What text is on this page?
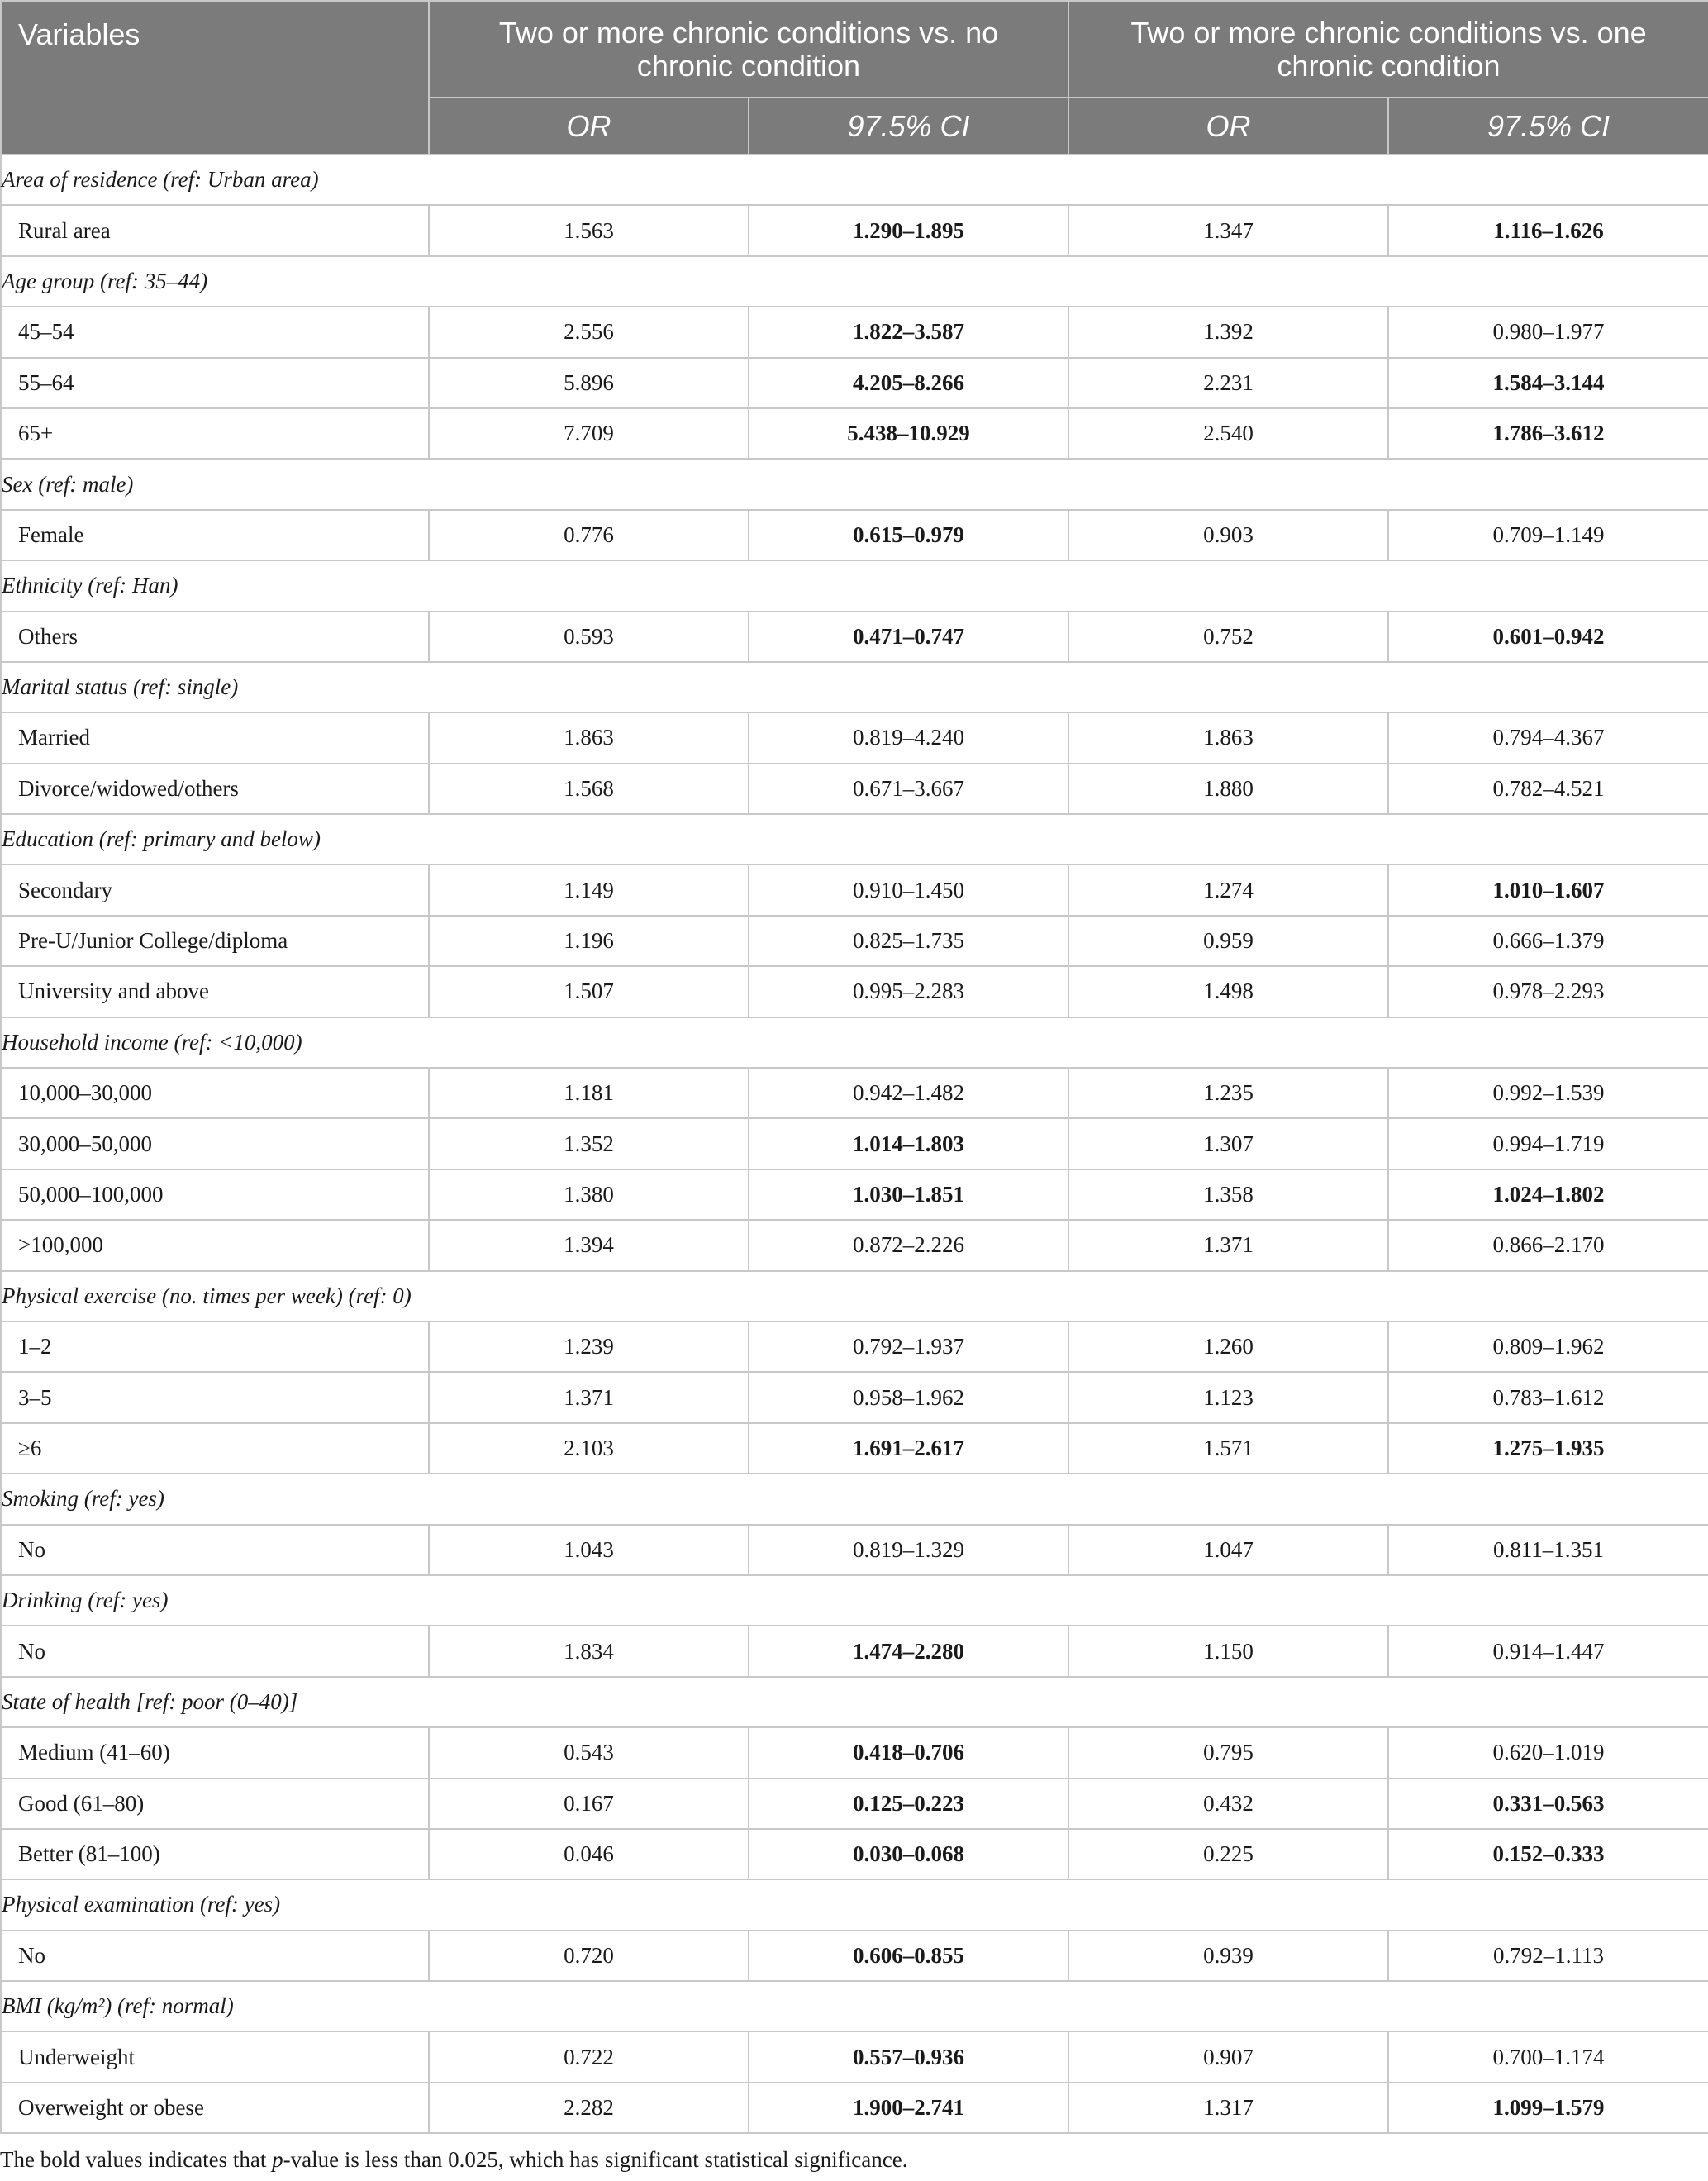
Variables	Two or more chronic conditions vs. no chronic condition		Two or more chronic conditions vs. one chronic condition	
	OR	97.5% CI	OR	97.5% CI
Area of residence (ref: Urban area)				
Rural area	1.563	1.290–1.895	1.347	1.116–1.626
Age group (ref: 35–44)				
45–54	2.556	1.822–3.587	1.392	0.980–1.977
55–64	5.896	4.205–8.266	2.231	1.584–3.144
65+	7.709	5.438–10.929	2.540	1.786–3.612
Sex (ref: male)				
Female	0.776	0.615–0.979	0.903	0.709–1.149
Ethnicity (ref: Han)				
Others	0.593	0.471–0.747	0.752	0.601–0.942
Marital status (ref: single)				
Married	1.863	0.819–4.240	1.863	0.794–4.367
Divorce/widowed/others	1.568	0.671–3.667	1.880	0.782–4.521
Education (ref: primary and below)				
Secondary	1.149	0.910–1.450	1.274	1.010–1.607
Pre-U/Junior College/diploma	1.196	0.825–1.735	0.959	0.666–1.379
University and above	1.507	0.995–2.283	1.498	0.978–2.293
Household income (ref: <10,000)				
10,000–30,000	1.181	0.942–1.482	1.235	0.992–1.539
30,000–50,000	1.352	1.014–1.803	1.307	0.994–1.719
50,000–100,000	1.380	1.030–1.851	1.358	1.024–1.802
>100,000	1.394	0.872–2.226	1.371	0.866–2.170
Physical exercise (no. times per week) (ref: 0)				
1–2	1.239	0.792–1.937	1.260	0.809–1.962
3–5	1.371	0.958–1.962	1.123	0.783–1.612
≥6	2.103	1.691–2.617	1.571	1.275–1.935
Smoking (ref: yes)				
No	1.043	0.819–1.329	1.047	0.811–1.351
Drinking (ref: yes)				
No	1.834	1.474–2.280	1.150	0.914–1.447
State of health [ref: poor (0–40)]				
Medium (41–60)	0.543	0.418–0.706	0.795	0.620–1.019
Good (61–80)	0.167	0.125–0.223	0.432	0.331–0.563
Better (81–100)	0.046	0.030–0.068	0.225	0.152–0.333
Physical examination (ref: yes)				
No	0.720	0.606–0.855	0.939	0.792–1.113
BMI (kg/m²) (ref: normal)				
Underweight	0.722	0.557–0.936	0.907	0.700–1.174
Overweight or obese	2.282	1.900–2.741	1.317	1.099–1.579
The bold values indicates that p-value is less than 0.025, which has significant statistical significance.
